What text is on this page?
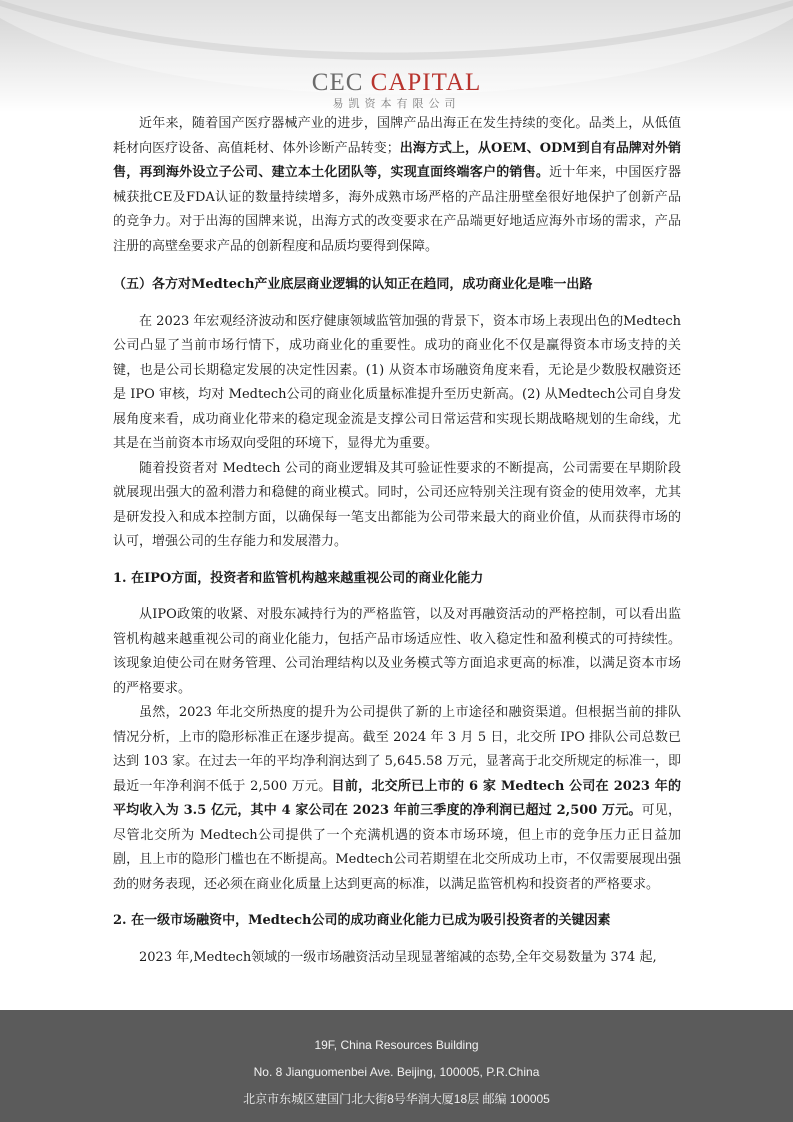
CEC CAPITAL
易凯资本有限公司

近年来，随着国产医疗器械产业的进步，国牌产品出海正在发生持续的变化。品类上，从低值耗材向医疗设备、高值耗材、体外诊断产品转变；出海方式上，从OEM、ODM到自有品牌对外销售，再到海外设立子公司、建立本土化团队等，实现直面终端客户的销售。近十年来，中国医疗器械获批CE及FDA认证的数量持续增多，海外成熟市场严格的产品注册壁垒很好地保护了创新产品的竞争力。对于出海的国牌来说，出海方式的改变要求在产品端更好地适应海外市场的需求，产品注册的高壁垒要求产品的创新程度和品质均要得到保障。

（五）各方对Medtech产业底层商业逻辑的认知正在趋同，成功商业化是唯一出路

在 2023 年宏观经济波动和医疗健康领域监管加强的背景下，资本市场上表现出色的Medtech公司凸显了当前市场行情下，成功商业化的重要性。成功的商业化不仅是赢得资本市场支持的关键，也是公司长期稳定发展的决定性因素。(1) 从资本市场融资角度来看，无论是少数股权融资还是 IPO 审核，均对 Medtech公司的商业化质量标准提升至历史新高。(2) 从Medtech公司自身发展角度来看，成功商业化带来的稳定现金流是支撑公司日常运营和实现长期战略规划的生命线，尤其是在当前资本市场双向受阻的环境下，显得尤为重要。

随着投资者对 Medtech 公司的商业逻辑及其可验证性要求的不断提高，公司需要在早期阶段就展现出强大的盈利潜力和稳健的商业模式。同时，公司还应特别关注现有资金的使用效率，尤其是研发投入和成本控制方面，以确保每一笔支出都能为公司带来最大的商业价值，从而获得市场的认可，增强公司的生存能力和发展潜力。

1. 在IPO方面，投资者和监管机构越来越重视公司的商业化能力

从IPO政策的收紧、对股东减持行为的严格监管，以及对再融资活动的严格控制，可以看出监管机构越来越重视公司的商业化能力，包括产品市场适应性、收入稳定性和盈利模式的可持续性。该现象迫使公司在财务管理、公司治理结构以及业务模式等方面追求更高的标准，以满足资本市场的严格要求。

虽然，2023 年北交所热度的提升为公司提供了新的上市途径和融资渠道。但根据当前的排队情况分析，上市的隐形标准正在逐步提高。截至 2024 年 3 月 5 日，北交所 IPO 排队公司总数已达到 103 家。在过去一年的平均净利润达到了 5,645.58 万元，显著高于北交所规定的标准一，即最近一年净利润不低于 2,500 万元。目前，北交所已上市的 6 家 Medtech 公司在 2023 年的平均收入为 3.5 亿元，其中 4 家公司在 2023 年前三季度的净利润已超过 2,500 万元。可见，尽管北交所为 Medtech公司提供了一个充满机遇的资本市场环境，但上市的竞争压力正日益加剧，且上市的隐形门槛也在不断提高。Medtech公司若期望在北交所成功上市，不仅需要展现出强劲的财务表现，还必须在商业化质量上达到更高的标准，以满足监管机构和投资者的严格要求。

2. 在一级市场融资中，Medtech公司的成功商业化能力已成为吸引投资者的关键因素

2023 年,Medtech领域的一级市场融资活动呈现显著缩减的态势,全年交易数量为 374 起,

19F, China Resources Building
No. 8 Jianguomenbei Ave. Beijing, 100005, P.R.China
北京市东城区建国门北大街8号华润大厦18层 邮编 100005
